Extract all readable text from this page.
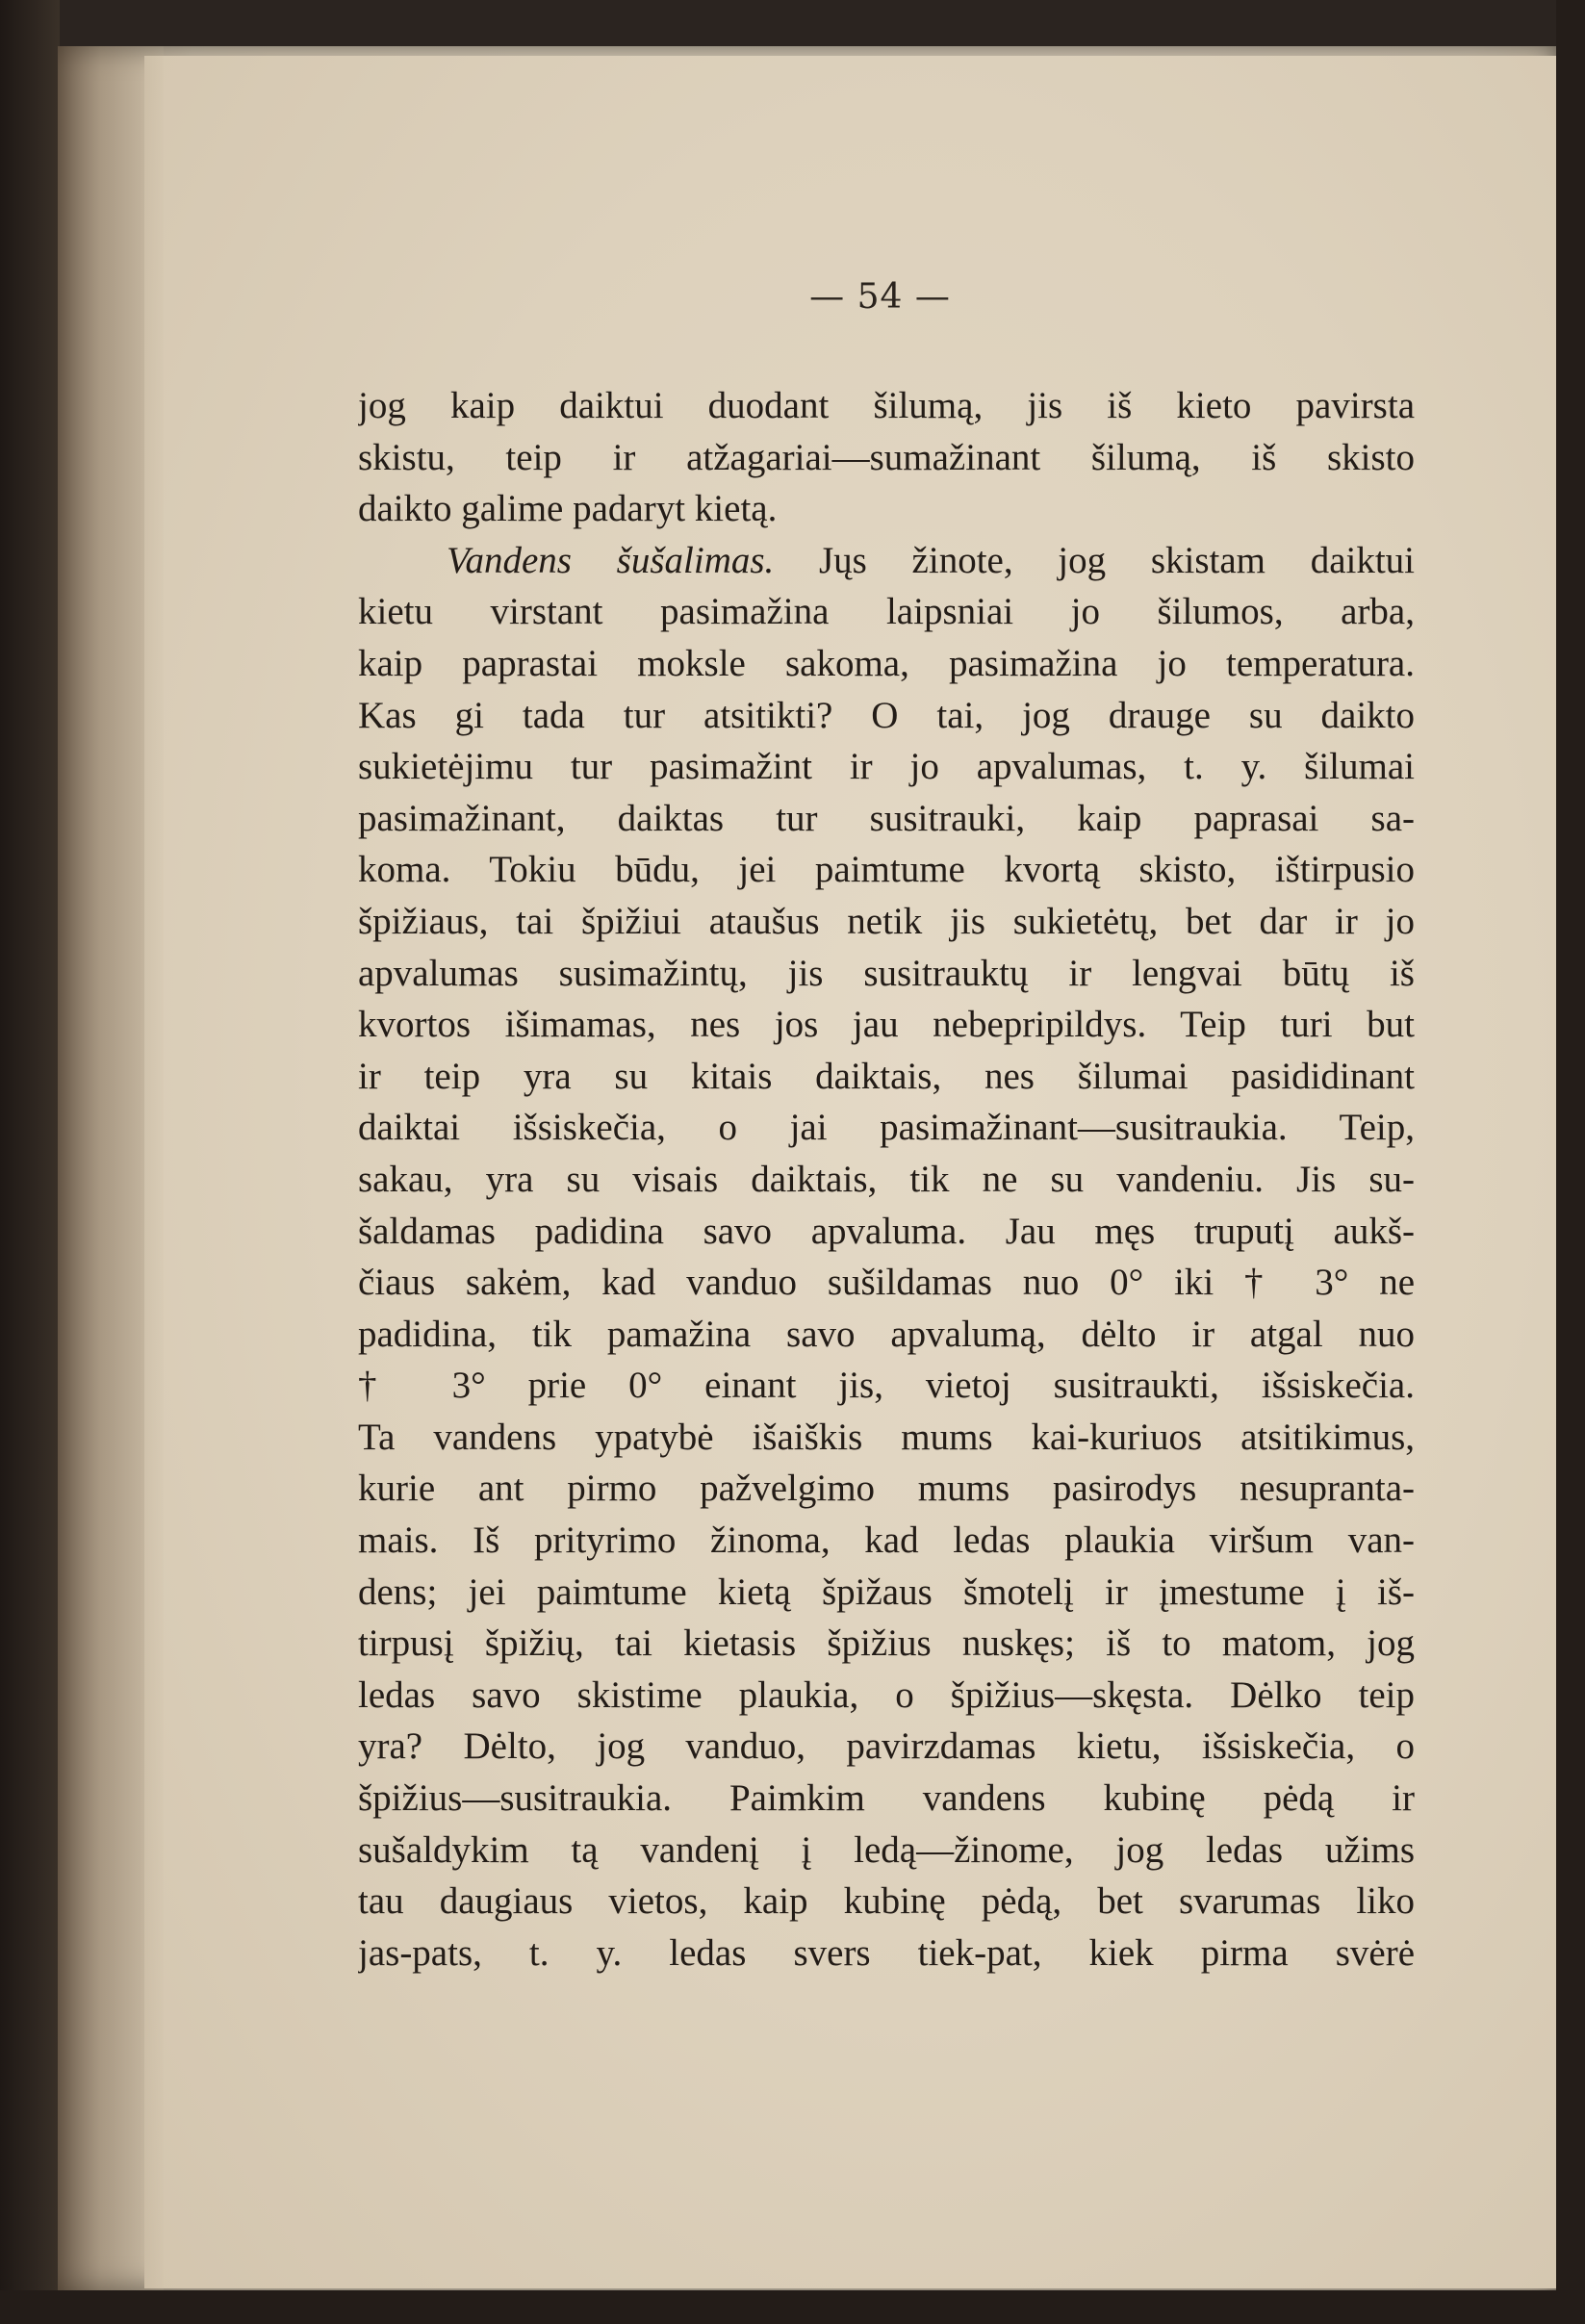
— 54 —
jog kaip daiktui duodant šilumą, jis iš kieto pavirsta
skistu, teip ir atžagariai—sumažinant šilumą, iš skisto
daikto galime padaryt kietą.
Vandens šušalimas. Jųs žinote, jog skistam daiktui
kietu virstant pasimažina laipsniai jo šilumos, arba,
kaip paprastai moksle sakoma, pasimažina jo temperatura.
Kas gi tada tur atsitikti? O tai, jog drauge su daikto
sukietėjimu tur pasimažint ir jo apvalumas, t. y. šilumai
pasimažinant, daiktas tur susitrauki, kaip paprasai sa-
koma. Tokiu būdu, jei paimtume kvortą skisto, ištirpusio
špižiaus, tai špižiui ataušus netik jis sukietėtų, bet dar ir jo
apvalumas susimažintų, jis susitrauktų ir lengvai būtų iš
kvortos išimamas, nes jos jau nebepripildys. Teip turi but
ir teip yra su kitais daiktais, nes šilumai pasididinant
daiktai išsiskečia, o jai pasimažinant—susitraukia. Teip,
sakau, yra su visais daiktais, tik ne su vandeniu. Jis su-
šaldamas padidina savo apvaluma. Jau męs truputį aukš-
čiaus sakėm, kad vanduo sušildamas nuo 0° iki † 3° ne
padidina, tik pamažina savo apvalumą, dėlto ir atgal nuo
† 3° prie 0° einant jis, vietoj susitraukti, išsiskečia.
Ta vandens ypatybė išaiškis mums kai-kuriuos atsitikimus,
kurie ant pirmo pažvelgimo mums pasirodys nesupranta-
mais. Iš prityrimo žinoma, kad ledas plaukia viršum van-
dens; jei paimtume kietą špižaus šmotelį ir įmestume į iš-
tirpusį špižių, tai kietasis špižius nuskęs; iš to matom, jog
ledas savo skistime plaukia, o špižius—skęsta. Dėlko teip
yra? Dėlto, jog vanduo, pavirzdamas kietu, išsiskečia, o
špižius—susitraukia. Paimkim vandens kubinę pėdą ir
sušaldykim tą vandenį į ledą—žinome, jog ledas užims
tau daugiaus vietos, kaip kubinę pėdą, bet svarumas liko
jas-pats, t. y. ledas svers tiek-pat, kiek pirma svėrė
